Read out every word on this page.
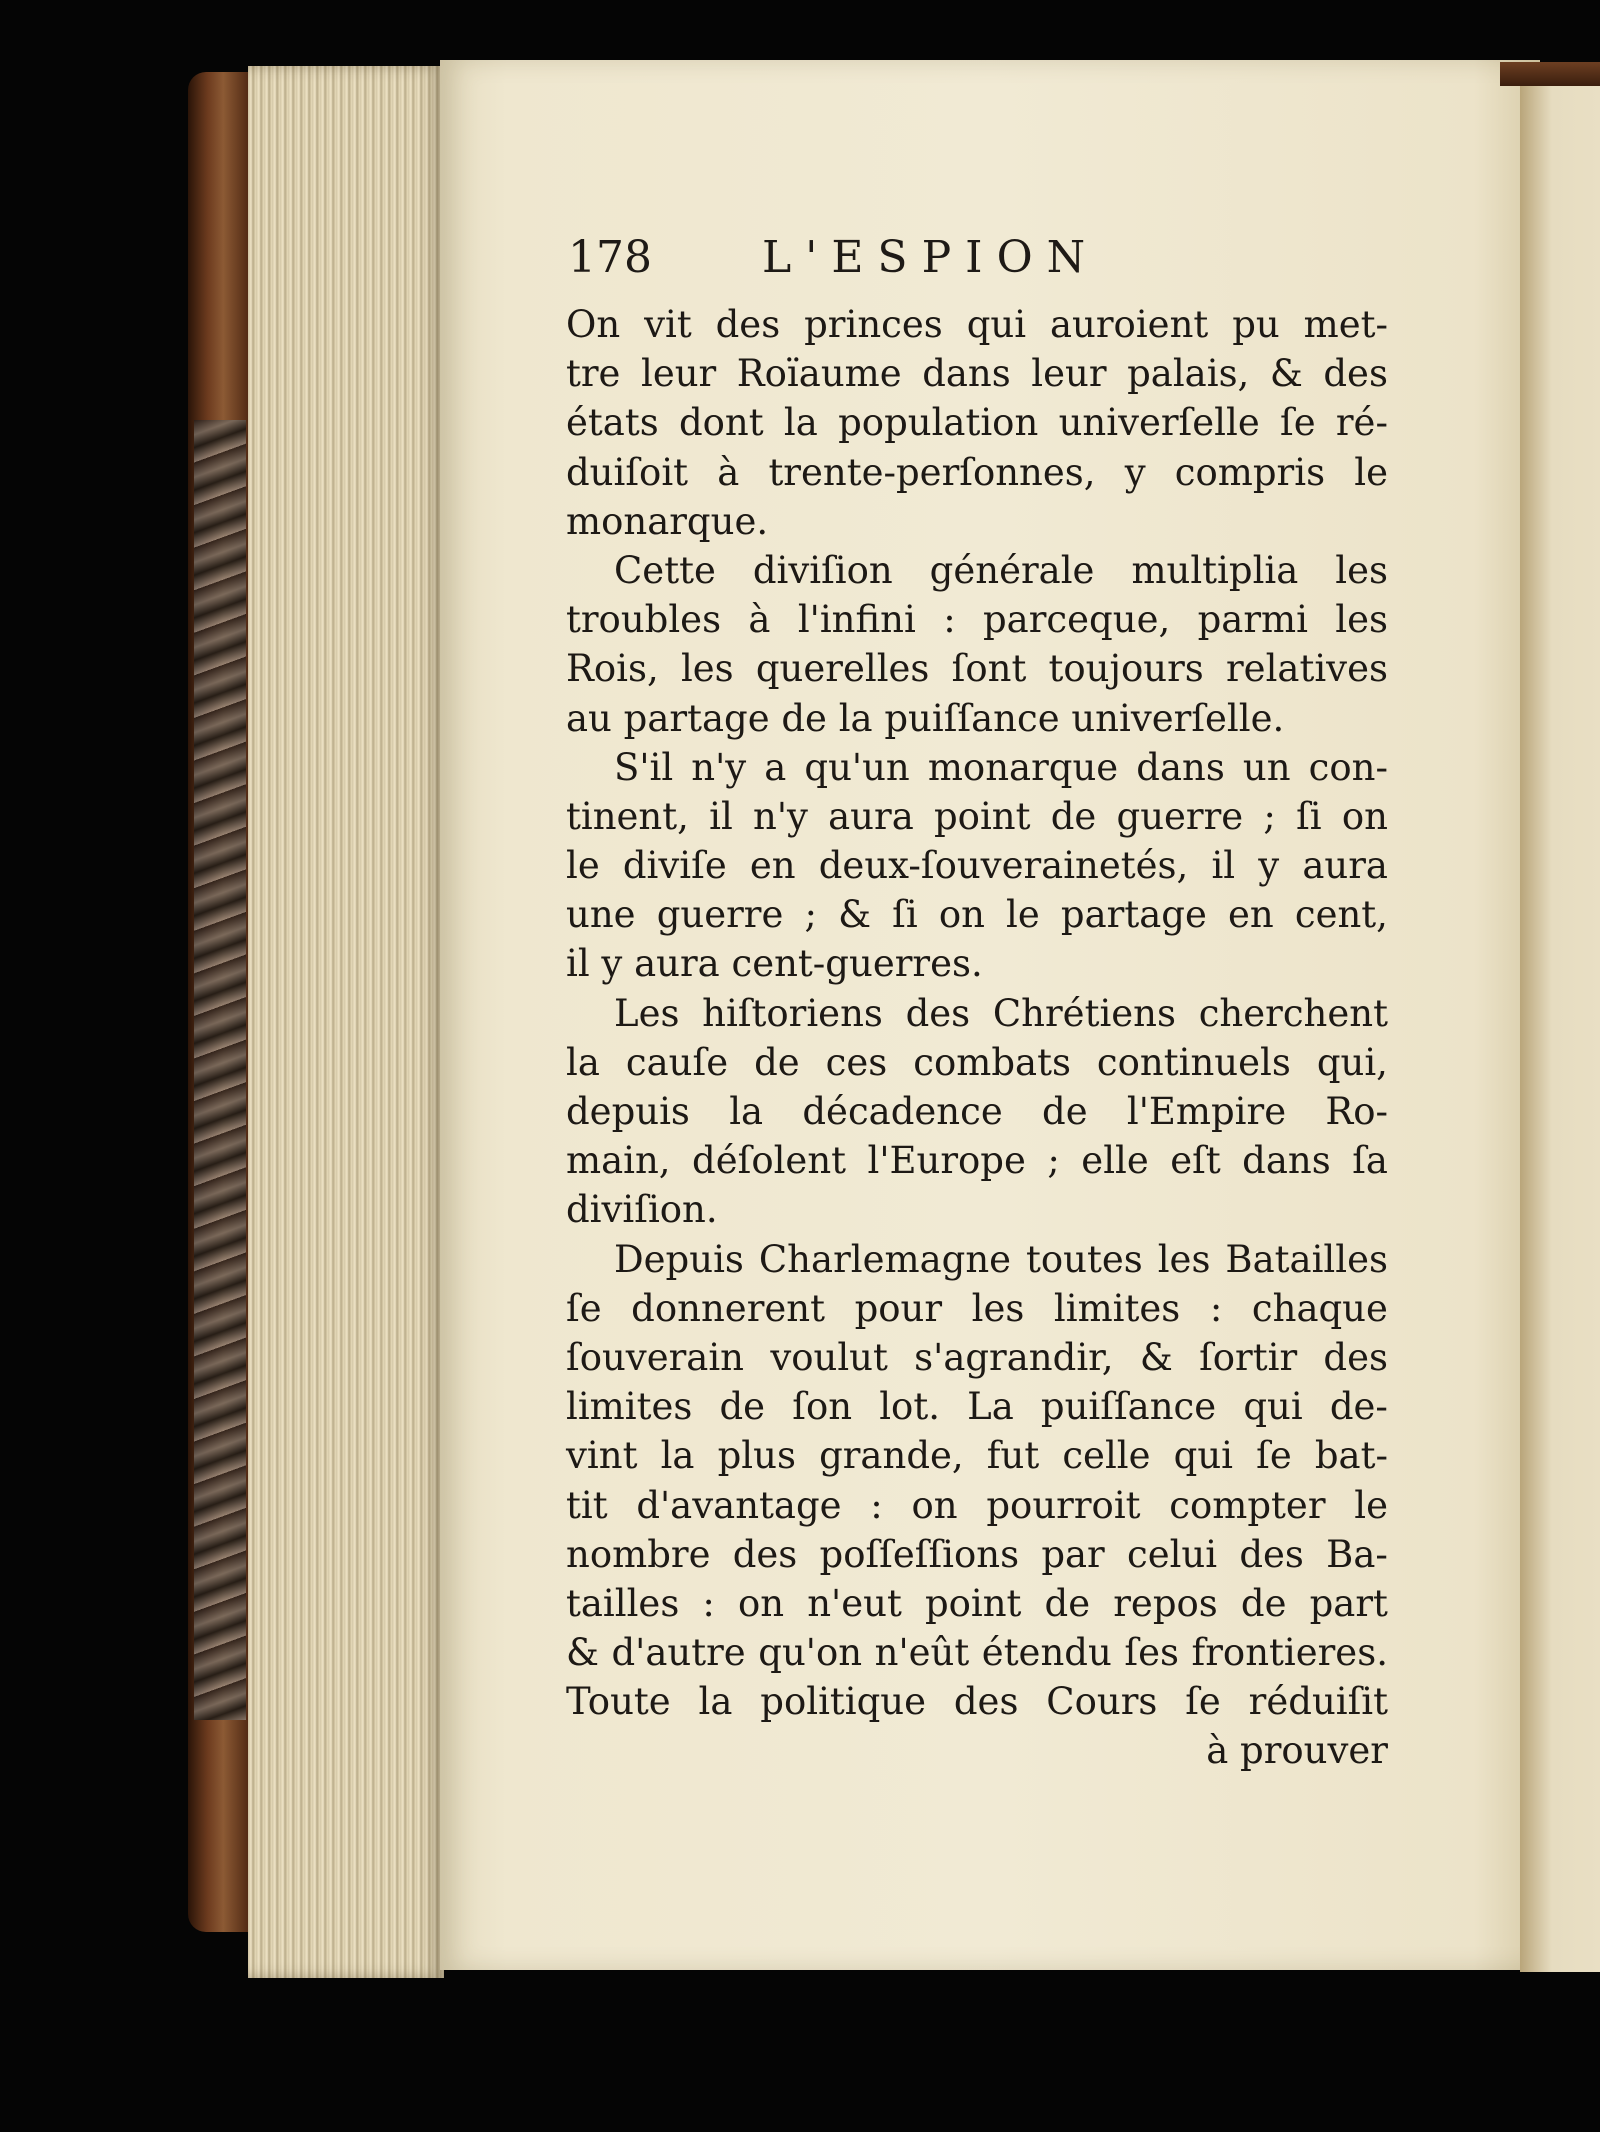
178	L'ESPION
On vit des princes qui auroient pu met-
tre leur Roïaume dans leur palais, & des
états dont la population univerſelle ſe ré-
duiſoit à trente-perſonnes, y compris le
monarque.
Cette diviſion générale multiplia les
troubles à l'infini : parceque, parmi les
Rois, les querelles ſont toujours relatives
au partage de la puiſſance univerſelle.
S'il n'y a qu'un monarque dans un con-
tinent, il n'y aura point de guerre ; ſi on
le diviſe en deux-ſouverainetés, il y aura
une guerre ; & ſi on le partage en cent,
il y aura cent-guerres.
Les hiſtoriens des Chrétiens cherchent
la cauſe de ces combats continuels qui,
depuis la décadence de l'Empire Ro-
main, déſolent l'Europe ; elle eſt dans ſa
diviſion.
Depuis Charlemagne toutes les Batailles
ſe donnerent pour les limites : chaque
ſouverain voulut s'agrandir, & ſortir des
limites de ſon lot. La puiſſance qui de-
vint la plus grande, fut celle qui ſe bat-
tit d'avantage : on pourroit compter le
nombre des poſſeſſions par celui des Ba-
tailles : on n'eut point de repos de part
& d'autre qu'on n'eût étendu ſes frontieres.
Toute la politique des Cours ſe réduiſit
à prouver
